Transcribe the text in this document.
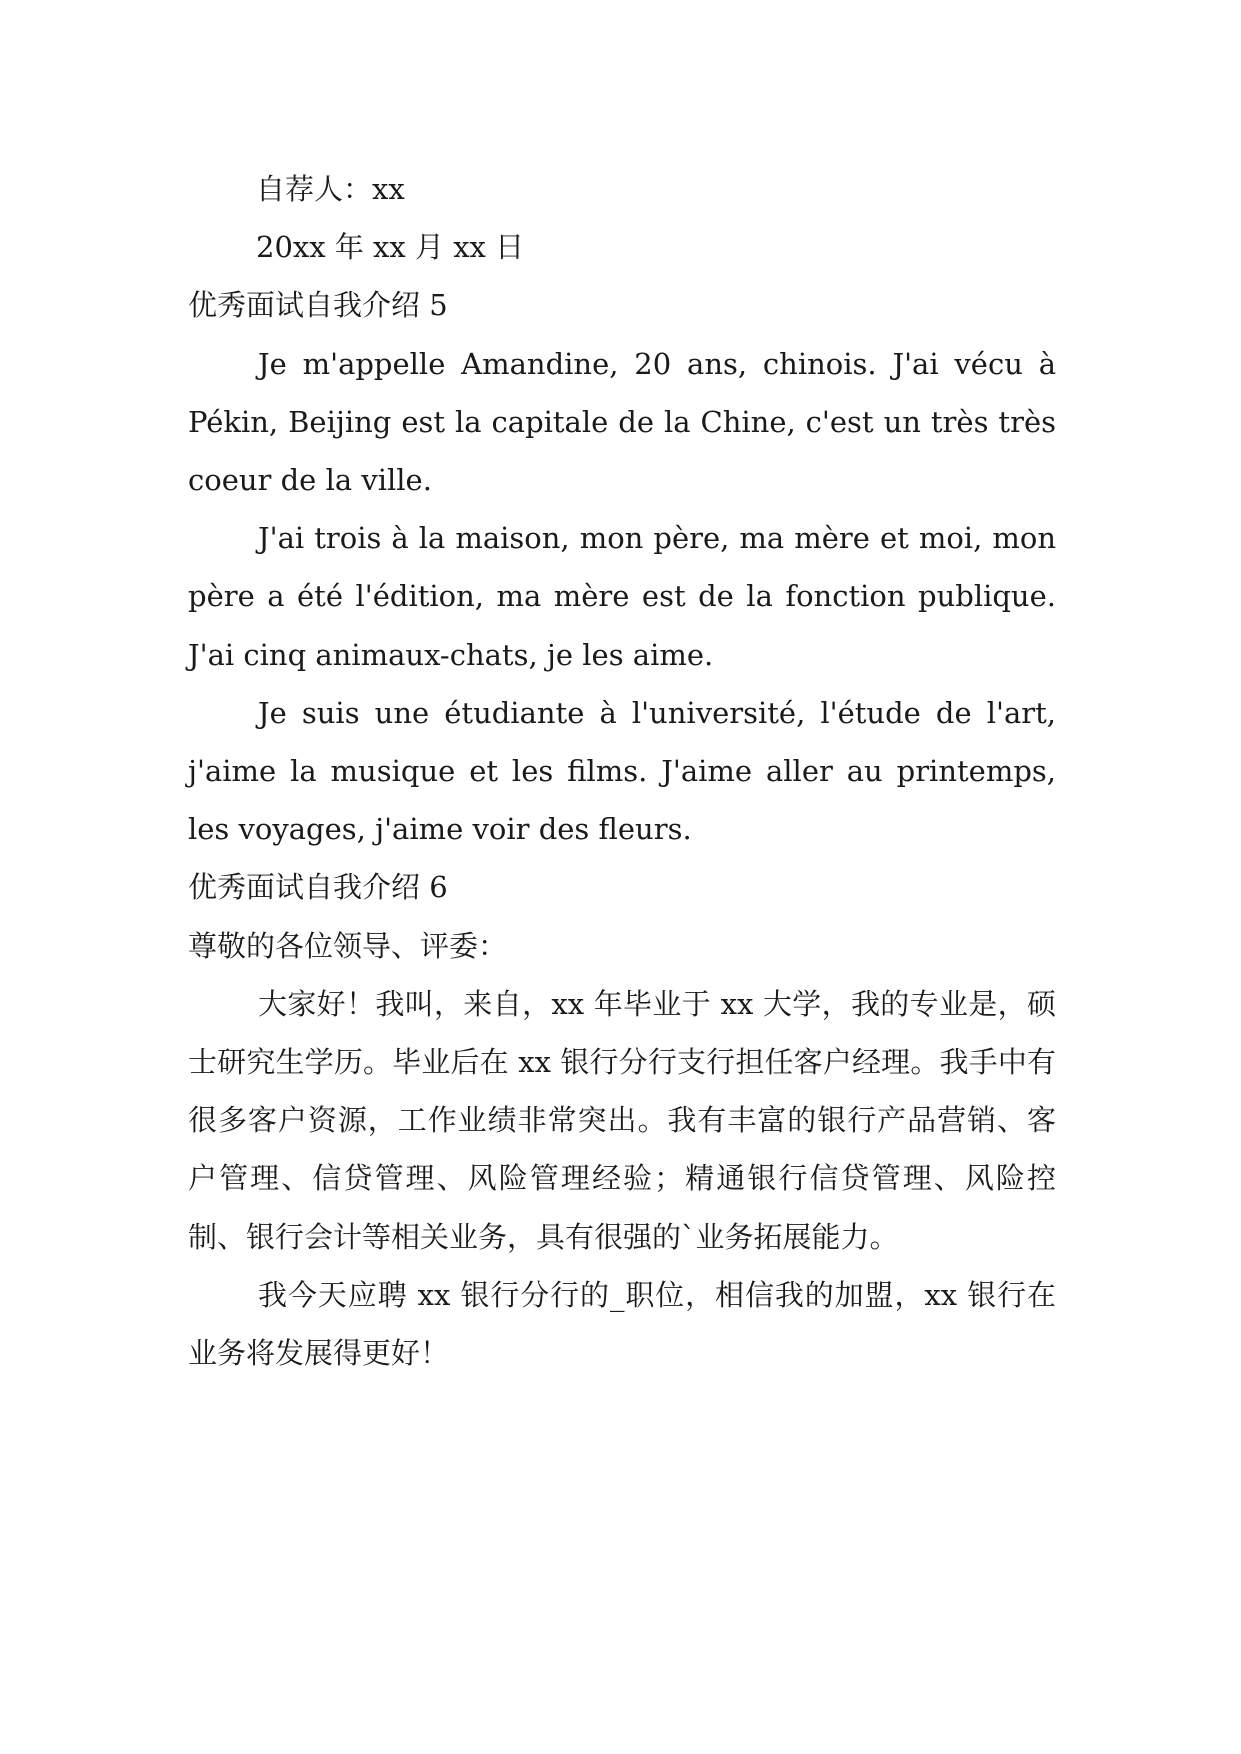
自荐人：xx

20xx 年 xx 月 xx 日

优秀面试自我介绍 5

Je m'appelle Amandine, 20 ans, chinois. J'ai vécu à Pékin, Beijing est la capitale de la Chine, c'est un très très coeur de la ville.

J'ai trois à la maison, mon père, ma mère et moi, mon père a été l'édition, ma mère est de la fonction publique. J'ai cinq animaux-chats, je les aime.

Je suis une étudiante à l'université, l'étude de l'art, j'aime la musique et les films. J'aime aller au printemps, les voyages, j'aime voir des fleurs.

优秀面试自我介绍 6

尊敬的各位领导、评委：

大家好！我叫，来自，xx 年毕业于 xx 大学，我的专业是，硕士研究生学历。毕业后在 xx 银行分行支行担任客户经理。我手中有很多客户资源，工作业绩非常突出。我有丰富的银行产品营销、客户管理、信贷管理、风险管理经验；精通银行信贷管理、风险控制、银行会计等相关业务，具有很强的`业务拓展能力。

我今天应聘 xx 银行分行的_职位，相信我的加盟，xx 银行在业务将发展得更好！
